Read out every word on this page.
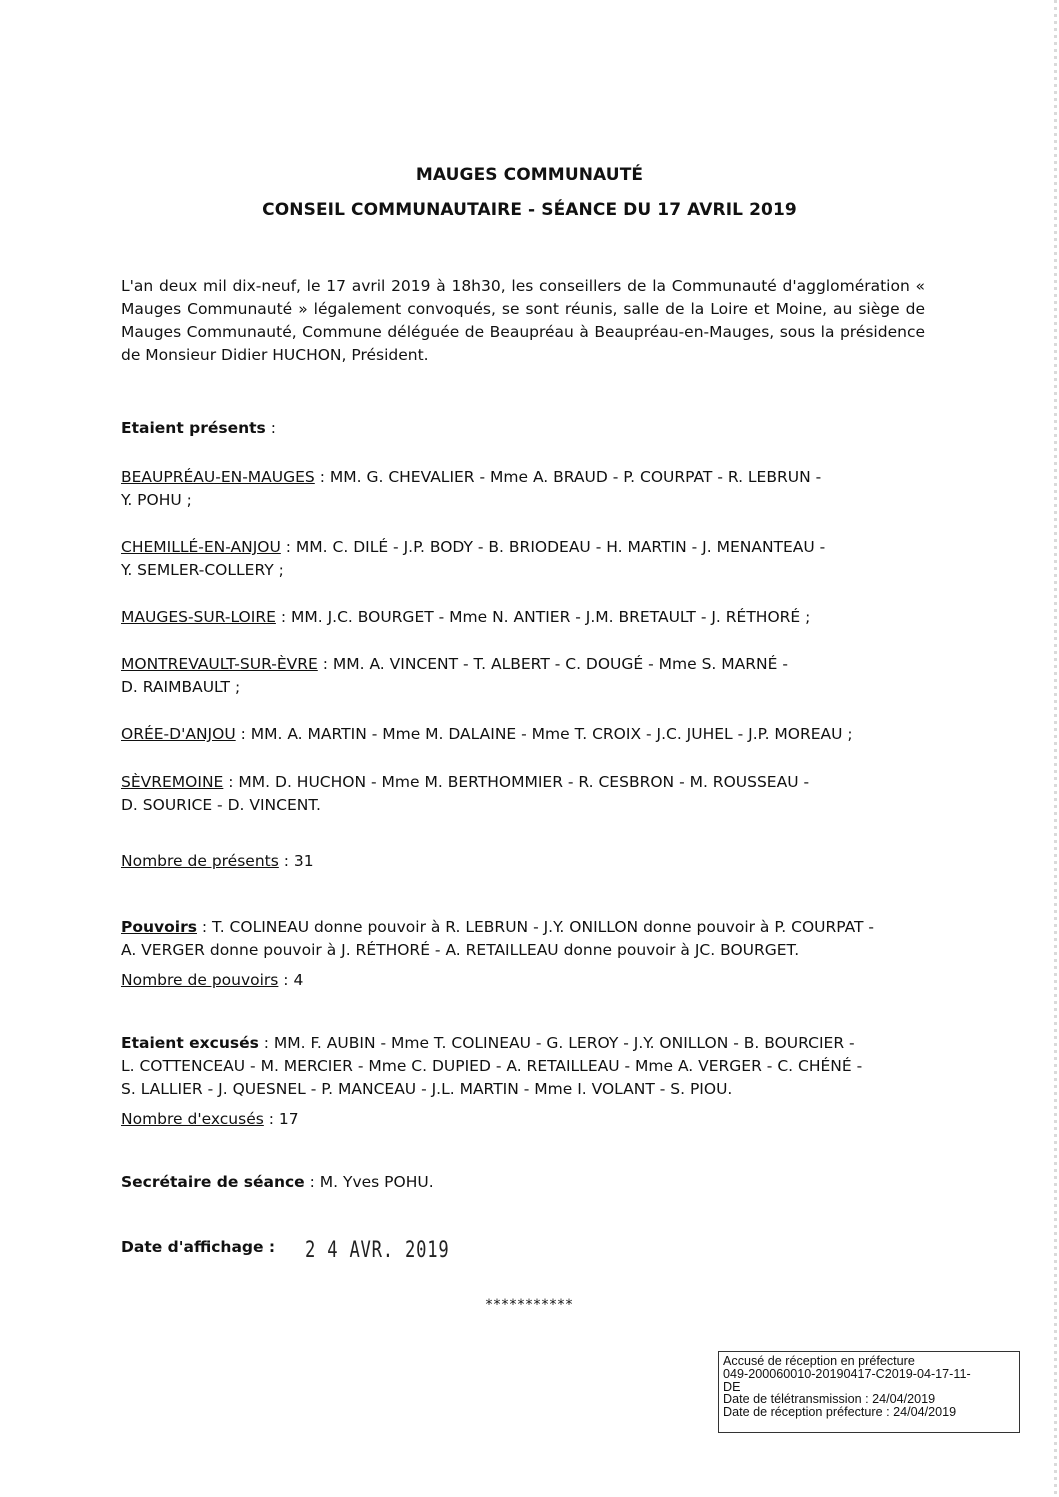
MAUGES COMMUNAUTÉ
CONSEIL COMMUNAUTAIRE - SÉANCE DU 17 AVRIL 2019
L'an deux mil dix-neuf, le 17 avril 2019 à 18h30, les conseillers de la Communauté d'agglomération « Mauges Communauté » légalement convoqués, se sont réunis, salle de la Loire et Moine, au siège de Mauges Communauté, Commune déléguée de Beaupréau à Beaupréau-en-Mauges, sous la présidence de Monsieur Didier HUCHON, Président.
Etaient présents :
BEAUPRÉAU-EN-MAUGES : MM. G. CHEVALIER - Mme A. BRAUD - P. COURPAT - R. LEBRUN -
Y. POHU ;
CHEMILLÉ-EN-ANJOU : MM. C. DILÉ - J.P. BODY - B. BRIODEAU - H. MARTIN - J. MENANTEAU -
Y. SEMLER-COLLERY ;
MAUGES-SUR-LOIRE : MM. J.C. BOURGET - Mme N. ANTIER - J.M. BRETAULT - J. RÉTHORÉ ;
MONTREVAULT-SUR-ÈVRE : MM. A. VINCENT - T. ALBERT - C. DOUGÉ - Mme S. MARNÉ -
D. RAIMBAULT ;
ORÉE-D'ANJOU : MM. A. MARTIN - Mme M. DALAINE - Mme T. CROIX - J.C. JUHEL - J.P. MOREAU ;
SÈVREMOINE : MM. D. HUCHON - Mme M. BERTHOMMIER - R. CESBRON - M. ROUSSEAU -
D. SOURICE - D. VINCENT.
Nombre de présents : 31
Pouvoirs : T. COLINEAU donne pouvoir à R. LEBRUN - J.Y. ONILLON donne pouvoir à P. COURPAT -
A. VERGER donne pouvoir à J. RÉTHORÉ - A. RETAILLEAU donne pouvoir à JC. BOURGET.
Nombre de pouvoirs : 4
Etaient excusés : MM. F. AUBIN - Mme T. COLINEAU - G. LEROY - J.Y. ONILLON - B. BOURCIER -
L. COTTENCEAU - M. MERCIER - Mme C. DUPIED - A. RETAILLEAU - Mme A. VERGER - C. CHÉNÉ -
S. LALLIER - J. QUESNEL - P. MANCEAU - J.L. MARTIN - Mme I. VOLANT - S. PIOU.
Nombre d'excusés : 17
Secrétaire de séance : M. Yves POHU.
Date d'affichage : 2 4 AVR. 2019
***********
Accusé de réception en préfecture
049-200060010-20190417-C2019-04-17-11-
DE
Date de télétransmission : 24/04/2019
Date de réception préfecture : 24/04/2019
